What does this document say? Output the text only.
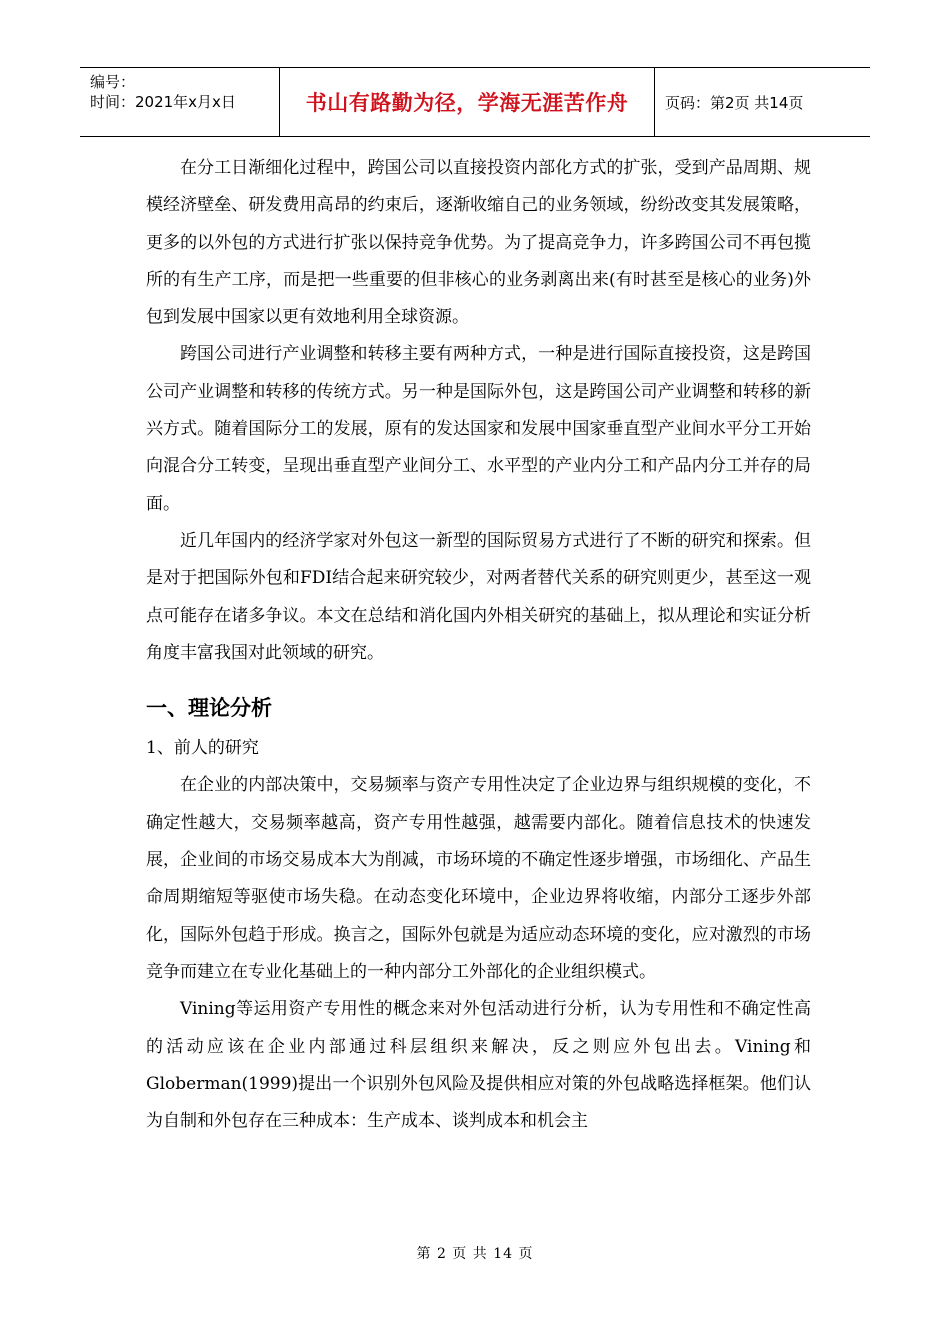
编号：
时间：2021年x月x日	书山有路勤为径，学海无涯苦作舟	页码：第2页 共14页

在分工日渐细化过程中，跨国公司以直接投资内部化方式的扩张，受到产品周期、规模经济壁垒、研发费用高昂的约束后，逐渐收缩自己的业务领域，纷纷改变其发展策略，更多的以外包的方式进行扩张以保持竞争优势。为了提高竞争力，许多跨国公司不再包揽所的有生产工序，而是把一些重要的但非核心的业务剥离出来(有时甚至是核心的业务)外包到发展中国家以更有效地利用全球资源。

跨国公司进行产业调整和转移主要有两种方式，一种是进行国际直接投资，这是跨国公司产业调整和转移的传统方式。另一种是国际外包，这是跨国公司产业调整和转移的新兴方式。随着国际分工的发展，原有的发达国家和发展中国家垂直型产业间水平分工开始向混合分工转变，呈现出垂直型产业间分工、水平型的产业内分工和产品内分工并存的局面。

近几年国内的经济学家对外包这一新型的国际贸易方式进行了不断的研究和探索。但是对于把国际外包和FDI结合起来研究较少，对两者替代关系的研究则更少，甚至这一观点可能存在诸多争议。本文在总结和消化国内外相关研究的基础上，拟从理论和实证分析角度丰富我国对此领域的研究。

一、理论分析
1、前人的研究

在企业的内部决策中，交易频率与资产专用性决定了企业边界与组织规模的变化，不确定性越大，交易频率越高，资产专用性越强，越需要内部化。随着信息技术的快速发展，企业间的市场交易成本大为削减，市场环境的不确定性逐步增强，市场细化、产品生命周期缩短等驱使市场失稳。在动态变化环境中，企业边界将收缩，内部分工逐步外部化，国际外包趋于形成。换言之，国际外包就是为适应动态环境的变化，应对激烈的市场竞争而建立在专业化基础上的一种内部分工外部化的企业组织模式。

Vining等运用资产专用性的概念来对外包活动进行分析，认为专用性和不确定性高的活动应该在企业内部通过科层组织来解决，反之则应外包出去。Vining和Globerman(1999)提出一个识别外包风险及提供相应对策的外包战略选择框架。他们认为自制和外包存在三种成本：生产成本、谈判成本和机会主

第 2 页 共 14 页
